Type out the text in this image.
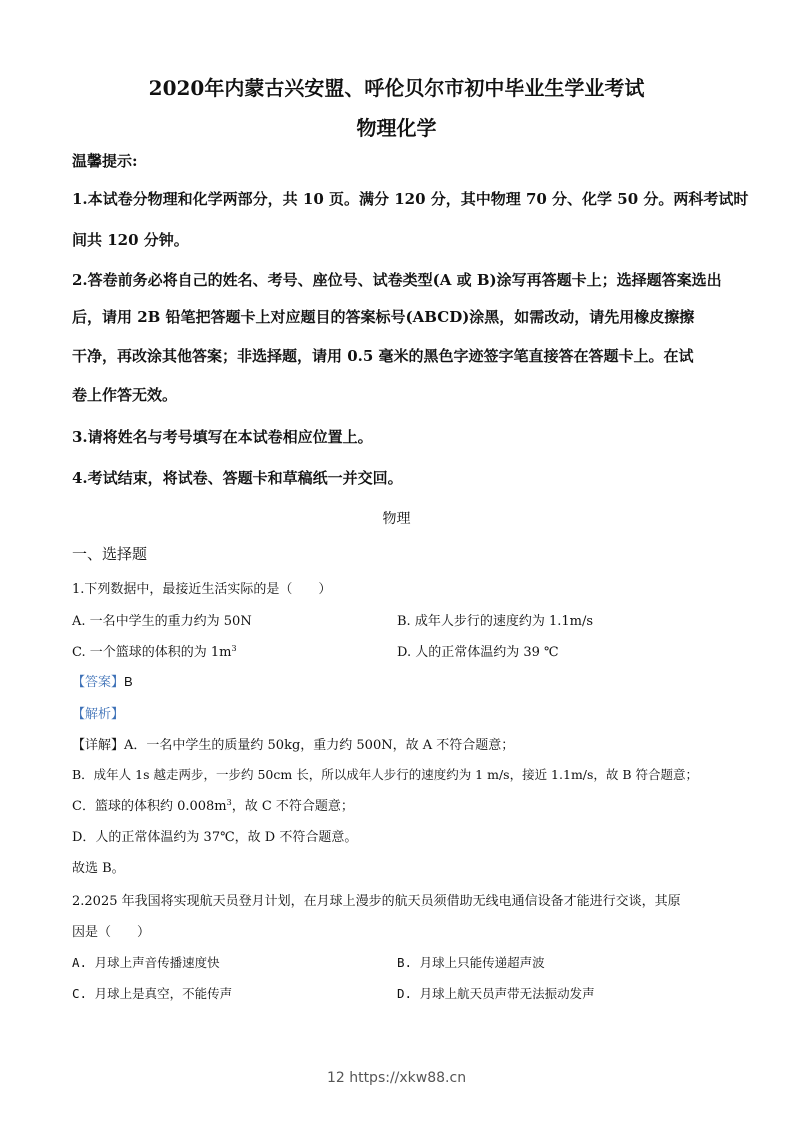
2020年内蒙古兴安盟、呼伦贝尔市初中毕业生学业考试
物理化学
温馨提示:
1.本试卷分物理和化学两部分，共 10 页。满分 120 分，其中物理 70 分、化学 50 分。两科考试时
间共 120 分钟。
2.答卷前务必将自己的姓名、考号、座位号、试卷类型(A 或 B)涂写再答题卡上；选择题答案选出
后，请用 2B 铅笔把答题卡上对应题目的答案标号(ABCD)涂黑，如需改动，请先用橡皮擦擦
干净，再改涂其他答案；非选择题，请用 0.5 毫米的黑色字迹签字笔直接答在答题卡上。在试
卷上作答无效。
3.请将姓名与考号填写在本试卷相应位置上。
4.考试结束，将试卷、答题卡和草稿纸一并交回。
物理
一、选择题
1.下列数据中，最接近生活实际的是（　　）
A. 一名中学生的重力约为 50N	B. 成年人步行的速度约为 1.1m/s
C. 一个篮球的体积的为 $1m^3$	D. 人的正常体温约为 39 ℃
【答案】B
【解析】
【详解】A．一名中学生的质量约 50kg，重力约 500N，故 A 不符合题意；
B．成年人 1s 越走两步，一步约 50cm 长，所以成年人步行的速度约为 1 m/s，接近 1.1m/s，故 B 符合题意；
C．篮球的体积约 $0.008m^3$，故 C 不符合题意；
D．人的正常体温约为 37℃，故 D 不符合题意。
故选 B。
2.2025 年我国将实现航天员登月计划，在月球上漫步的航天员须借助无线电通信设备才能进行交谈，其原
因是（　　）
A. 月球上声音传播速度快	B. 月球上只能传递超声波
C. 月球上是真空，不能传声	D. 月球上航天员声带无法振动发声
12 https://xkw88.cn
